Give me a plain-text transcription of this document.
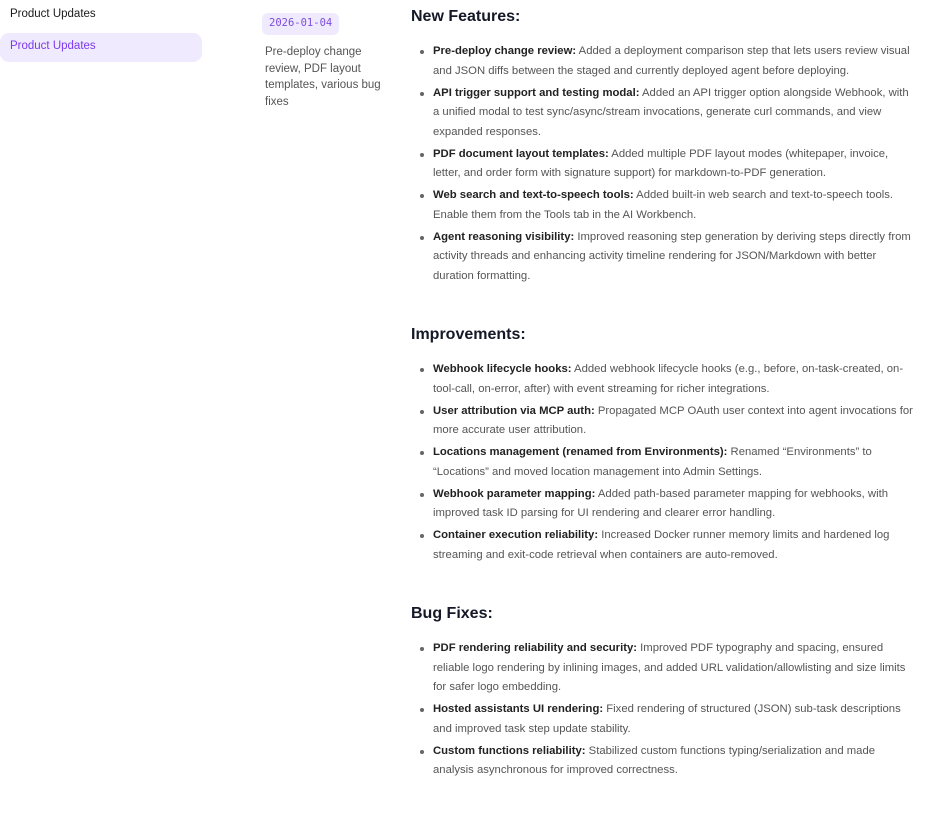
Product Updates
Product Updates
2026-01-04
Pre-deploy change review, PDF layout templates, various bug fixes
New Features:
Pre-deploy change review: Added a deployment comparison step that lets users review visual and JSON diffs between the staged and currently deployed agent before deploying.
API trigger support and testing modal: Added an API trigger option alongside Webhook, with a unified modal to test sync/async/stream invocations, generate curl commands, and view expanded responses.
PDF document layout templates: Added multiple PDF layout modes (whitepaper, invoice, letter, and order form with signature support) for markdown-to-PDF generation.
Web search and text-to-speech tools: Added built-in web search and text-to-speech tools. Enable them from the Tools tab in the AI Workbench.
Agent reasoning visibility: Improved reasoning step generation by deriving steps directly from activity threads and enhancing activity timeline rendering for JSON/Markdown with better duration formatting.
Improvements:
Webhook lifecycle hooks: Added webhook lifecycle hooks (e.g., before, on-task-created, on-tool-call, on-error, after) with event streaming for richer integrations.
User attribution via MCP auth: Propagated MCP OAuth user context into agent invocations for more accurate user attribution.
Locations management (renamed from Environments): Renamed “Environments” to “Locations” and moved location management into Admin Settings.
Webhook parameter mapping: Added path-based parameter mapping for webhooks, with improved task ID parsing for UI rendering and clearer error handling.
Container execution reliability: Increased Docker runner memory limits and hardened log streaming and exit-code retrieval when containers are auto-removed.
Bug Fixes:
PDF rendering reliability and security: Improved PDF typography and spacing, ensured reliable logo rendering by inlining images, and added URL validation/allowlisting and size limits for safer logo embedding.
Hosted assistants UI rendering: Fixed rendering of structured (JSON) sub-task descriptions and improved task step update stability.
Custom functions reliability: Stabilized custom functions typing/serialization and made analysis asynchronous for improved correctness.
